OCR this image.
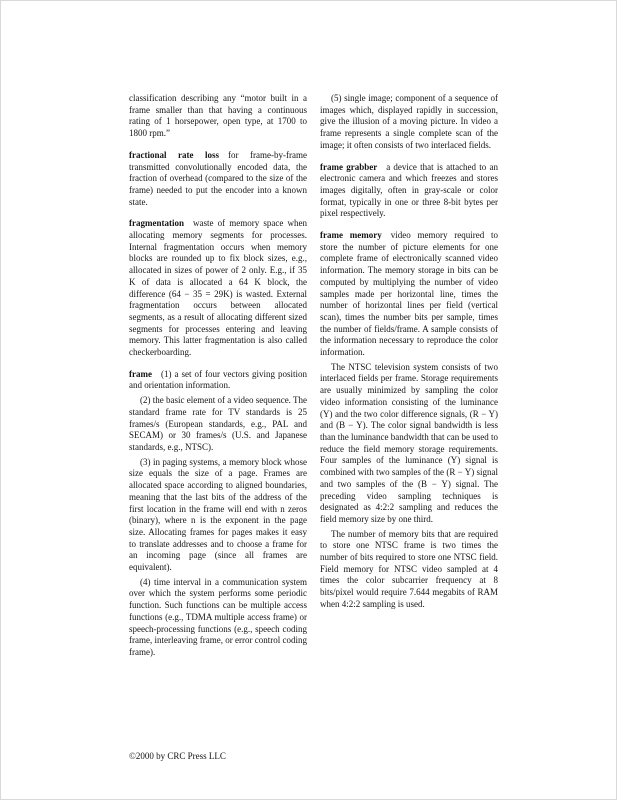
classification describing any “motor built in a frame smaller than that having a continuous rating of 1 horsepower, open type, at 1700 to 1800 rpm.”

fractional rate loss for frame-by-frame transmitted convolutionally encoded data, the fraction of overhead (compared to the size of the frame) needed to put the encoder into a known state.

fragmentation waste of memory space when allocating memory segments for processes. Internal fragmentation occurs when memory blocks are rounded up to fix block sizes, e.g., allocated in sizes of power of 2 only. E.g., if 35 K of data is allocated a 64 K block, the difference (64 − 35 = 29K) is wasted. External fragmentation occurs between allocated segments, as a result of allocating different sized segments for processes entering and leaving memory. This latter fragmentation is also called checkerboarding.

frame (1) a set of four vectors giving position and orientation information.

(2) the basic element of a video sequence. The standard frame rate for TV standards is 25 frames/s (European standards, e.g., PAL and SECAM) or 30 frames/s (U.S. and Japanese standards, e.g., NTSC).

(3) in paging systems, a memory block whose size equals the size of a page. Frames are allocated space according to aligned boundaries, meaning that the last bits of the address of the first location in the frame will end with n zeros (binary), where n is the exponent in the page size. Allocating frames for pages makes it easy to translate addresses and to choose a frame for an incoming page (since all frames are equivalent).

(4) time interval in a communication system over which the system performs some periodic function. Such functions can be multiple access functions (e.g., TDMA multiple access frame) or speech-processing functions (e.g., speech coding frame, interleaving frame, or error control coding frame).

(5) single image; component of a sequence of images which, displayed rapidly in succession, give the illusion of a moving picture. In video a frame represents a single complete scan of the image; it often consists of two interlaced fields.

frame grabber a device that is attached to an electronic camera and which freezes and stores images digitally, often in gray-scale or color format, typically in one or three 8-bit bytes per pixel respectively.

frame memory video memory required to store the number of picture elements for one complete frame of electronically scanned video information. The memory storage in bits can be computed by multiplying the number of video samples made per horizontal line, times the number of horizontal lines per field (vertical scan), times the number bits per sample, times the number of fields/frame. A sample consists of the information necessary to reproduce the color information.

The NTSC television system consists of two interlaced fields per frame. Storage requirements are usually minimized by sampling the color video information consisting of the luminance (Y) and the two color difference signals, (R − Y) and (B − Y). The color signal bandwidth is less than the luminance bandwidth that can be used to reduce the field memory storage requirements. Four samples of the luminance (Y) signal is combined with two samples of the (R − Y) signal and two samples of the (B − Y) signal. The preceding video sampling techniques is designated as 4:2:2 sampling and reduces the field memory size by one third.

The number of memory bits that are required to store one NTSC frame is two times the number of bits required to store one NTSC field. Field memory for NTSC video sampled at 4 times the color subcarrier frequency at 8 bits/pixel would require 7.644 megabits of RAM when 4:2:2 sampling is used.

©2000 by CRC Press LLC
